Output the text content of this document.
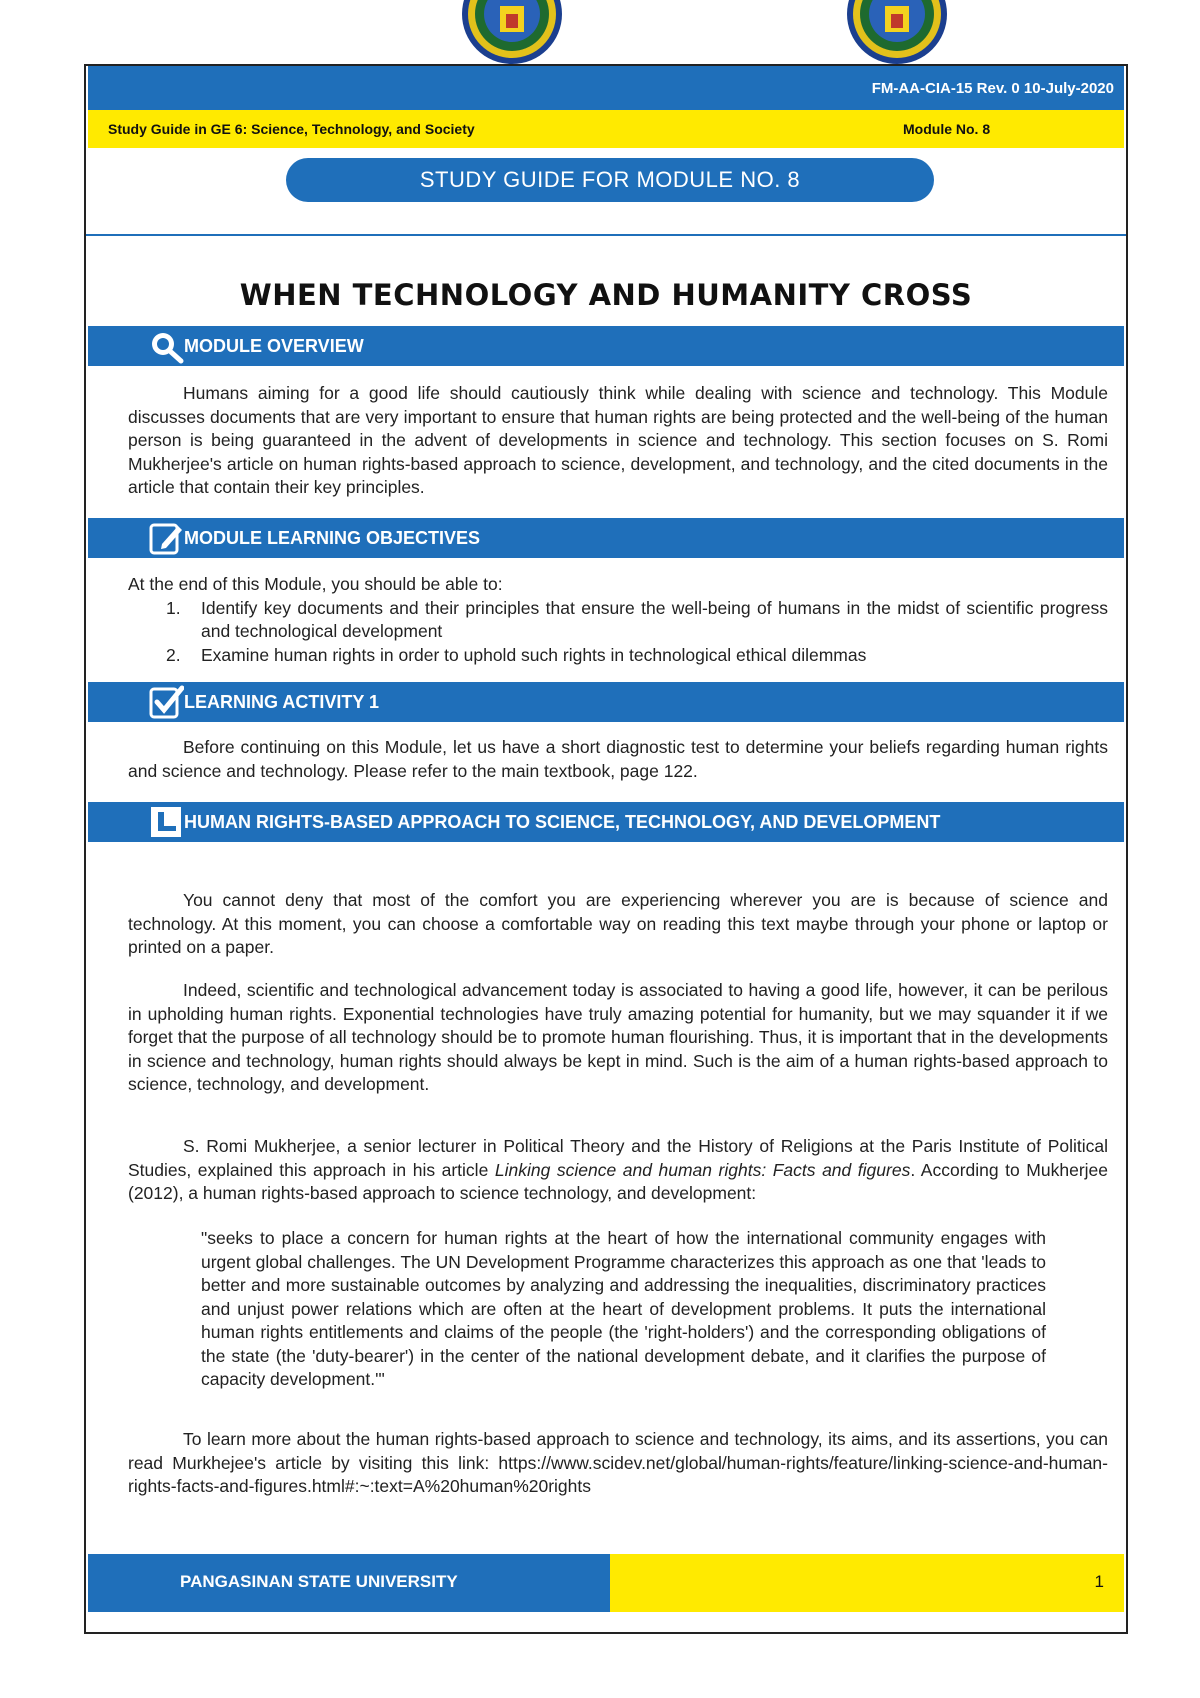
FM-AA-CIA-15 Rev. 0 10-July-2020
Study Guide in GE 6: Science, Technology, and Society	Module No. 8
STUDY GUIDE FOR MODULE NO. 8
WHEN TECHNOLOGY AND HUMANITY CROSS
MODULE OVERVIEW
Humans aiming for a good life should cautiously think while dealing with science and technology. This Module discusses documents that are very important to ensure that human rights are being protected and the well-being of the human person is being guaranteed in the advent of developments in science and technology. This section focuses on S. Romi Mukherjee's article on human rights-based approach to science, development, and technology, and the cited documents in the article that contain their key principles.
MODULE LEARNING OBJECTIVES
At the end of this Module, you should be able to:
1. Identify key documents and their principles that ensure the well-being of humans in the midst of scientific progress and technological development
2. Examine human rights in order to uphold such rights in technological ethical dilemmas
LEARNING ACTIVITY 1
Before continuing on this Module, let us have a short diagnostic test to determine your beliefs regarding human rights and science and technology. Please refer to the main textbook, page 122.
HUMAN RIGHTS-BASED APPROACH TO SCIENCE, TECHNOLOGY, AND DEVELOPMENT
You cannot deny that most of the comfort you are experiencing wherever you are is because of science and technology. At this moment, you can choose a comfortable way on reading this text maybe through your phone or laptop or printed on a paper.
Indeed, scientific and technological advancement today is associated to having a good life, however, it can be perilous in upholding human rights. Exponential technologies have truly amazing potential for humanity, but we may squander it if we forget that the purpose of all technology should be to promote human flourishing. Thus, it is important that in the developments in science and technology, human rights should always be kept in mind. Such is the aim of a human rights-based approach to science, technology, and development.
S. Romi Mukherjee, a senior lecturer in Political Theory and the History of Religions at the Paris Institute of Political Studies, explained this approach in his article Linking science and human rights: Facts and figures. According to Mukherjee (2012), a human rights-based approach to science technology, and development:
"seeks to place a concern for human rights at the heart of how the international community engages with urgent global challenges. The UN Development Programme characterizes this approach as one that 'leads to better and more sustainable outcomes by analyzing and addressing the inequalities, discriminatory practices and unjust power relations which are often at the heart of development problems. It puts the international human rights entitlements and claims of the people (the 'right-holders') and the corresponding obligations of the state (the 'duty-bearer') in the center of the national development debate, and it clarifies the purpose of capacity development.'"
To learn more about the human rights-based approach to science and technology, its aims, and its assertions, you can read Murkhejee's article by visiting this link: https://www.scidev.net/global/human-rights/feature/linking-science-and-human-rights-facts-and-figures.html#:~:text=A%20human%20rights
PANGASINAN STATE UNIVERSITY	1
